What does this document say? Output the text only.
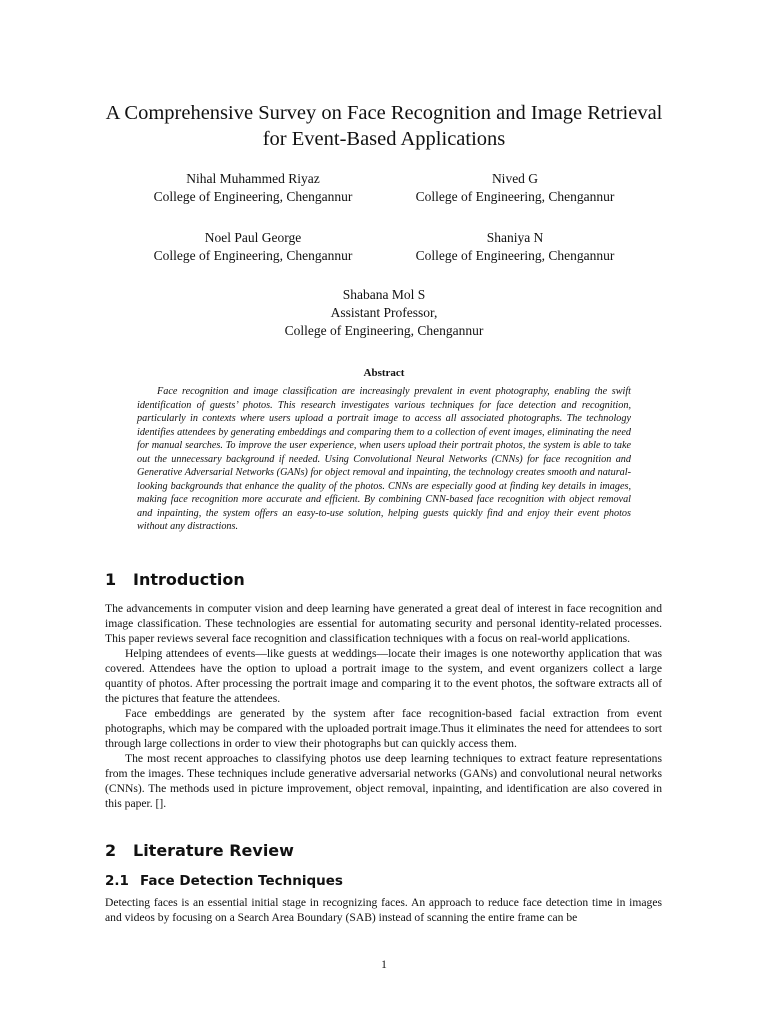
A Comprehensive Survey on Face Recognition and Image Retrieval for Event-Based Applications
Nihal Muhammed Riyaz
College of Engineering, Chengannur
Nived G
College of Engineering, Chengannur
Noel Paul George
College of Engineering, Chengannur
Shaniya N
College of Engineering, Chengannur
Shabana Mol S
Assistant Professor,
College of Engineering, Chengannur
Abstract

Face recognition and image classification are increasingly prevalent in event photography, enabling the swift identification of guests’ photos. This research investigates various techniques for face detection and recognition, particularly in contexts where users upload a portrait image to access all associated photographs. The technology identifies attendees by generating embeddings and comparing them to a collection of event images, eliminating the need for manual searches. To improve the user experience, when users upload their portrait photos, the system is able to take out the unnecessary background if needed. Using Convolutional Neural Networks (CNNs) for face recognition and Generative Adversarial Networks (GANs) for object removal and inpainting, the technology creates smooth and natural-looking backgrounds that enhance the quality of the photos. CNNs are especially good at finding key details in images, making face recognition more accurate and efficient. By combining CNN-based face recognition with object removal and inpainting, the system offers an easy-to-use solution, helping guests quickly find and enjoy their event photos without any distractions.

1 Introduction

The advancements in computer vision and deep learning have generated a great deal of interest in face recognition and image classification. These technologies are essential for automating security and personal identity-related processes. This paper reviews several face recognition and classification techniques with a focus on real-world applications.

Helping attendees of events—like guests at weddings—locate their images is one noteworthy application that was covered. Attendees have the option to upload a portrait image to the system, and event organizers collect a large quantity of photos. After processing the portrait image and comparing it to the event photos, the software extracts all of the pictures that feature the attendees.

Face embeddings are generated by the system after face recognition-based facial extraction from event photographs, which may be compared with the uploaded portrait image.Thus it eliminates the need for attendees to sort through large collections in order to view their photographs but can quickly access them.

The most recent approaches to classifying photos use deep learning techniques to extract feature representations from the images. These techniques include generative adversarial networks (GANs) and convolutional neural networks (CNNs). The methods used in picture improvement, object removal, inpainting, and identification are also covered in this paper. [].

2 Literature Review
2.1 Face Detection Techniques

Detecting faces is an essential initial stage in recognizing faces. An approach to reduce face detection time in images and videos by focusing on a Search Area Boundary (SAB) instead of scanning the entire frame can be

1
